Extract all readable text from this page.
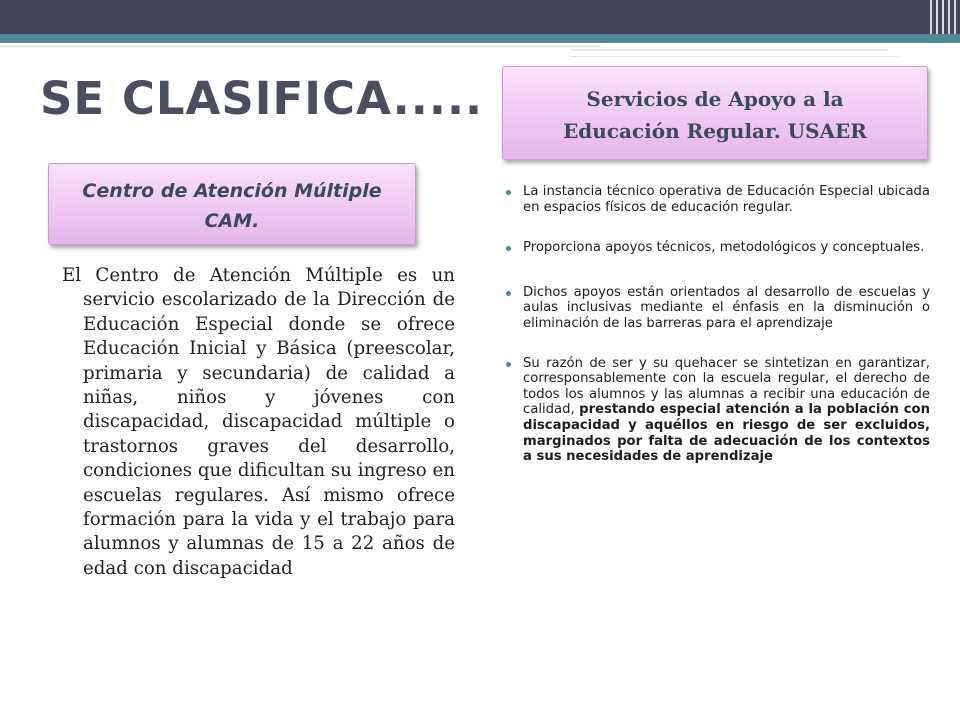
SE CLASIFICA.....	Servicios de Apoyo a la
Educación Regular. USAER
Centro de Atención Múltiple
CAM.

El Centro de Atención Múltiple es un servicio escolarizado de la Dirección de Educación Especial donde se ofrece Educación Inicial y Básica (preescolar, primaria y secundaria) de calidad a niñas, niños y jóvenes con discapacidad, discapacidad múltiple o trastornos graves del desarrollo, condiciones que dificultan su ingreso en escuelas regulares. Así mismo ofrece formación para la vida y el trabajo para alumnos y alumnas de 15 a 22 años de edad con discapacidad

La instancia técnico operativa de Educación Especial ubicada en espacios físicos de educación regular.
Proporciona apoyos técnicos, metodológicos y conceptuales.
Dichos apoyos están orientados al desarrollo de escuelas y aulas inclusivas mediante el énfasis en la disminución o eliminación de las barreras para el aprendizaje
Su razón de ser y su quehacer se sintetizan en garantizar, corresponsablemente con la escuela regular, el derecho de todos los alumnos y las alumnas a recibir una educación de calidad, prestando especial atención a la población con discapacidad y aquéllos en riesgo de ser excluidos, marginados por falta de adecuación de los contextos a sus necesidades de aprendizaje
